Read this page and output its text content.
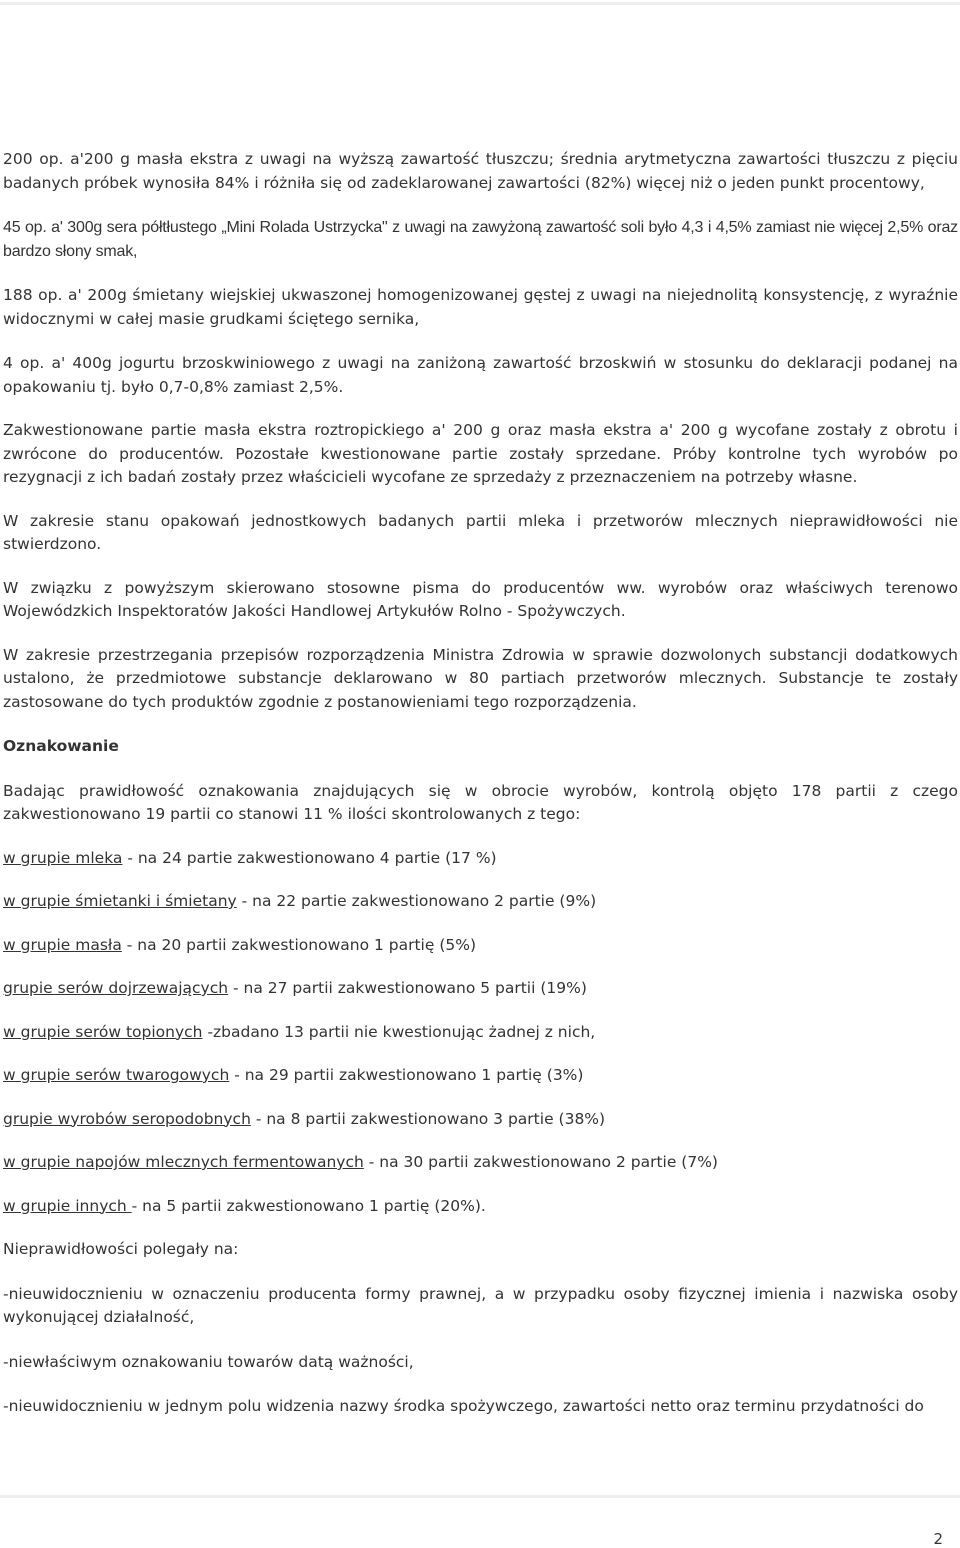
200 op. a'200 g masła ekstra z uwagi na wyższą zawartość tłuszczu; średnia arytmetyczna zawartości tłuszczu z pięciu badanych próbek wynosiła 84% i różniła się od zadeklarowanej zawartości (82%) więcej niż o jeden punkt procentowy,

45 op. a' 300g sera półtłustego „Mini Rolada Ustrzycka" z uwagi na zawyżoną zawartość soli było 4,3 i 4,5% zamiast nie więcej 2,5% oraz bardzo słony smak,

188 op. a' 200g śmietany wiejskiej ukwaszonej homogenizowanej gęstej z uwagi na niejednolitą konsystencję, z wyraźnie widocznymi w całej masie grudkami ściętego sernika,

4 op. a' 400g jogurtu brzoskwiniowego z uwagi na zaniżoną zawartość brzoskwiń w stosunku do deklaracji podanej na opakowaniu tj. było 0,7-0,8% zamiast 2,5%.

Zakwestionowane partie masła ekstra roztropickiego a' 200 g oraz masła ekstra a' 200 g wycofane zostały z obrotu i zwrócone do producentów. Pozostałe kwestionowane partie zostały sprzedane. Próby kontrolne tych wyrobów po rezygnacji z ich badań zostały przez właścicieli wycofane ze sprzedaży z przeznaczeniem na potrzeby własne.

W zakresie stanu opakowań jednostkowych badanych partii mleka i przetworów mlecznych nieprawidłowości nie stwierdzono.

W związku z powyższym skierowano stosowne pisma do producentów ww. wyrobów oraz właściwych terenowo Wojewódzkich Inspektoratów Jakości Handlowej Artykułów Rolno - Spożywczych.

W zakresie przestrzegania przepisów rozporządzenia Ministra Zdrowia w sprawie dozwolonych substancji dodatkowych ustalono, że przedmiotowe substancje deklarowano w 80 partiach przetworów mlecznych. Substancje te zostały zastosowane do tych produktów zgodnie z postanowieniami tego rozporządzenia.

Oznakowanie

Badając prawidłowość oznakowania znajdujących się w obrocie wyrobów, kontrolą objęto 178 partii z czego zakwestionowano 19 partii co stanowi 11 % ilości skontrolowanych z tego:

w grupie mleka - na 24 partie zakwestionowano 4 partie (17 %)

w grupie śmietanki i śmietany - na 22 partie zakwestionowano 2 partie (9%)

w grupie masła - na 20 partii zakwestionowano 1 partię (5%)

grupie serów dojrzewających - na 27 partii zakwestionowano 5 partii (19%)

w grupie serów topionych -zbadano 13 partii nie kwestionując żadnej z nich,

w grupie serów twarogowych - na 29 partii zakwestionowano 1 partię (3%)

grupie wyrobów seropodobnych - na 8 partii zakwestionowano 3 partie (38%)

w grupie napojów mlecznych fermentowanych - na 30 partii zakwestionowano 2 partie (7%)

w grupie innych - na 5 partii zakwestionowano 1 partię (20%).

Nieprawidłowości polegały na:

-nieuwidocznieniu w oznaczeniu producenta formy prawnej, a w przypadku osoby fizycznej imienia i nazwiska osoby wykonującej działalność,

-niewłaściwym oznakowaniu towarów datą ważności,

-nieuwidocznieniu w jednym polu widzenia nazwy środka spożywczego, zawartości netto oraz terminu przydatności do

2
